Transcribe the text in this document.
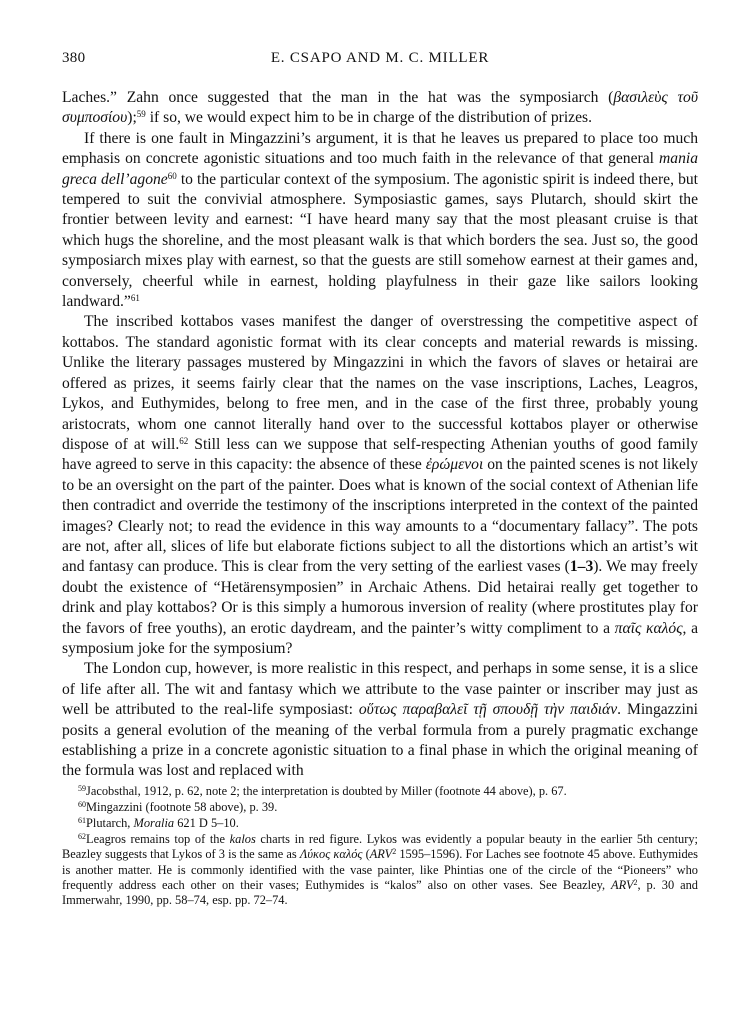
380	E. CSAPO AND M. C. MILLER

Laches.” Zahn once suggested that the man in the hat was the symposiarch (βασιλεὺς τοῦ συμποσίου);$^{59}$ if so, we would expect him to be in charge of the distribution of prizes.

If there is one fault in Mingazzini’s argument, it is that he leaves us prepared to place too much emphasis on concrete agonistic situations and too much faith in the relevance of that general mania greca dell’agone$^{60}$ to the particular context of the symposium. The agonistic spirit is indeed there, but tempered to suit the convivial atmosphere. Symposiastic games, says Plutarch, should skirt the frontier between levity and earnest: “I have heard many say that the most pleasant cruise is that which hugs the shoreline, and the most pleasant walk is that which borders the sea. Just so, the good symposiarch mixes play with earnest, so that the guests are still somehow earnest at their games and, conversely, cheerful while in earnest, holding playfulness in their gaze like sailors looking landward.”$^{61}$

The inscribed kottabos vases manifest the danger of overstressing the competitive aspect of kottabos. The standard agonistic format with its clear concepts and material rewards is missing. Unlike the literary passages mustered by Mingazzini in which the favors of slaves or hetairai are offered as prizes, it seems fairly clear that the names on the vase inscriptions, Laches, Leagros, Lykos, and Euthymides, belong to free men, and in the case of the first three, probably young aristocrats, whom one cannot literally hand over to the successful kottabos player or otherwise dispose of at will.$^{62}$ Still less can we suppose that self-respecting Athenian youths of good family have agreed to serve in this capacity: the absence of these ἐρώμενοι on the painted scenes is not likely to be an oversight on the part of the painter. Does what is known of the social context of Athenian life then contradict and override the testimony of the inscriptions interpreted in the context of the painted images? Clearly not; to read the evidence in this way amounts to a “documentary fallacy”. The pots are not, after all, slices of life but elaborate fictions subject to all the distortions which an artist’s wit and fantasy can produce. This is clear from the very setting of the earliest vases (1–3). We may freely doubt the existence of “Hetärensymposien” in Archaic Athens. Did hetairai really get together to drink and play kottabos? Or is this simply a humorous inversion of reality (where prostitutes play for the favors of free youths), an erotic daydream, and the painter’s witty compliment to a παῖς καλός, a symposium joke for the symposium?

The London cup, however, is more realistic in this respect, and perhaps in some sense, it is a slice of life after all. The wit and fantasy which we attribute to the vase painter or inscriber may just as well be attributed to the real-life symposiast: οὕτως παραβαλεῖ τῇ σπουδῇ τὴν παιδιάν. Mingazzini posits a general evolution of the meaning of the verbal formula from a purely pragmatic exchange establishing a prize in a concrete agonistic situation to a final phase in which the original meaning of the formula was lost and replaced with

$^{59}$Jacobsthal, 1912, p. 62, note 2; the interpretation is doubted by Miller (footnote 44 above), p. 67.

$^{60}$Mingazzini (footnote 58 above), p. 39.

$^{61}$Plutarch, Moralia 621 D 5–10.

$^{62}$Leagros remains top of the kalos charts in red figure. Lykos was evidently a popular beauty in the earlier 5th century; Beazley suggests that Lykos of 3 is the same as Λύκος καλός (ARV$^2$ 1595–1596). For Laches see footnote 45 above. Euthymides is another matter. He is commonly identified with the vase painter, like Phintias one of the circle of the “Pioneers” who frequently address each other on their vases; Euthymides is “kalos” also on other vases. See Beazley, ARV$^2$, p. 30 and Immerwahr, 1990, pp. 58–74, esp. pp. 72–74.
